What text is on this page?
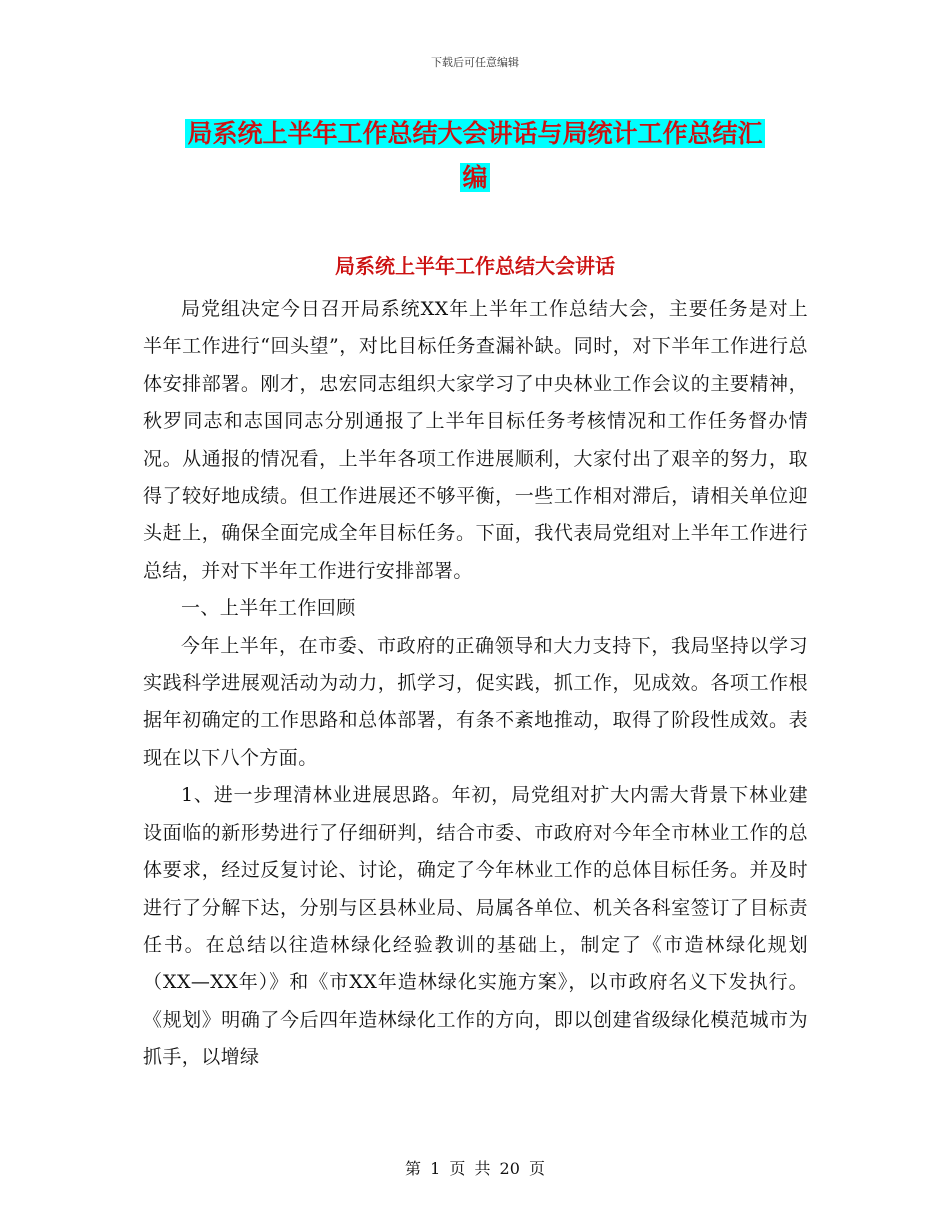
下载后可任意编辑
局系统上半年工作总结大会讲话与局统计工作总结汇
编
局系统上半年工作总结大会讲话

局党组决定今日召开局系统XX年上半年工作总结大会，主要任务是对上半年工作进行“回头望”，对比目标任务查漏补缺。同时，对下半年工作进行总体安排部署。刚才，忠宏同志组织大家学习了中央林业工作会议的主要精神，秋罗同志和志国同志分别通报了上半年目标任务考核情况和工作任务督办情况。从通报的情况看，上半年各项工作进展顺利，大家付出了艰辛的努力，取得了较好地成绩。但工作进展还不够平衡，一些工作相对滞后，请相关单位迎头赶上，确保全面完成全年目标任务。下面，我代表局党组对上半年工作进行总结，并对下半年工作进行安排部署。

一、上半年工作回顾

今年上半年，在市委、市政府的正确领导和大力支持下，我局坚持以学习实践科学进展观活动为动力，抓学习，促实践，抓工作，见成效。各项工作根据年初确定的工作思路和总体部署，有条不紊地推动，取得了阶段性成效。表现在以下八个方面。

1、进一步理清林业进展思路。年初，局党组对扩大内需大背景下林业建设面临的新形势进行了仔细研判，结合市委、市政府对今年全市林业工作的总体要求，经过反复讨论、讨论，确定了今年林业工作的总体目标任务。并及时进行了分解下达，分别与区县林业局、局属各单位、机关各科室签订了目标责任书。在总结以往造林绿化经验教训的基础上，制定了《市造林绿化规划（XX—XX年）》和《市XX年造林绿化实施方案》，以市政府名义下发执行。《规划》明确了今后四年造林绿化工作的方向，即以创建省级绿化模范城市为抓手，以增绿

第 1 页 共 20 页
